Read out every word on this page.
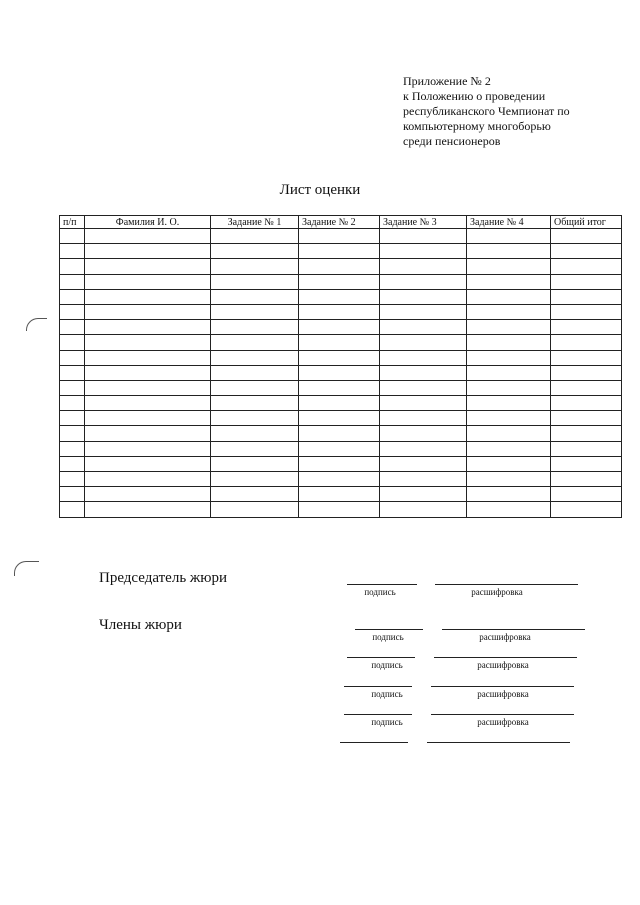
Приложение № 2
к Положению о проведении
республиканского Чемпионат по
компьютерному многоборью
среди пенсионеров
Лист оценки
п/п	Фамилия И. О.	Задание № 1	Задание № 2	Задание № 3	Задание № 4	Общий итог

Председатель жюри
подпись	расшифровка
Члены жюри
подпись	расшифровка
подпись	расшифровка
подпись	расшифровка
подпись	расшифровка
